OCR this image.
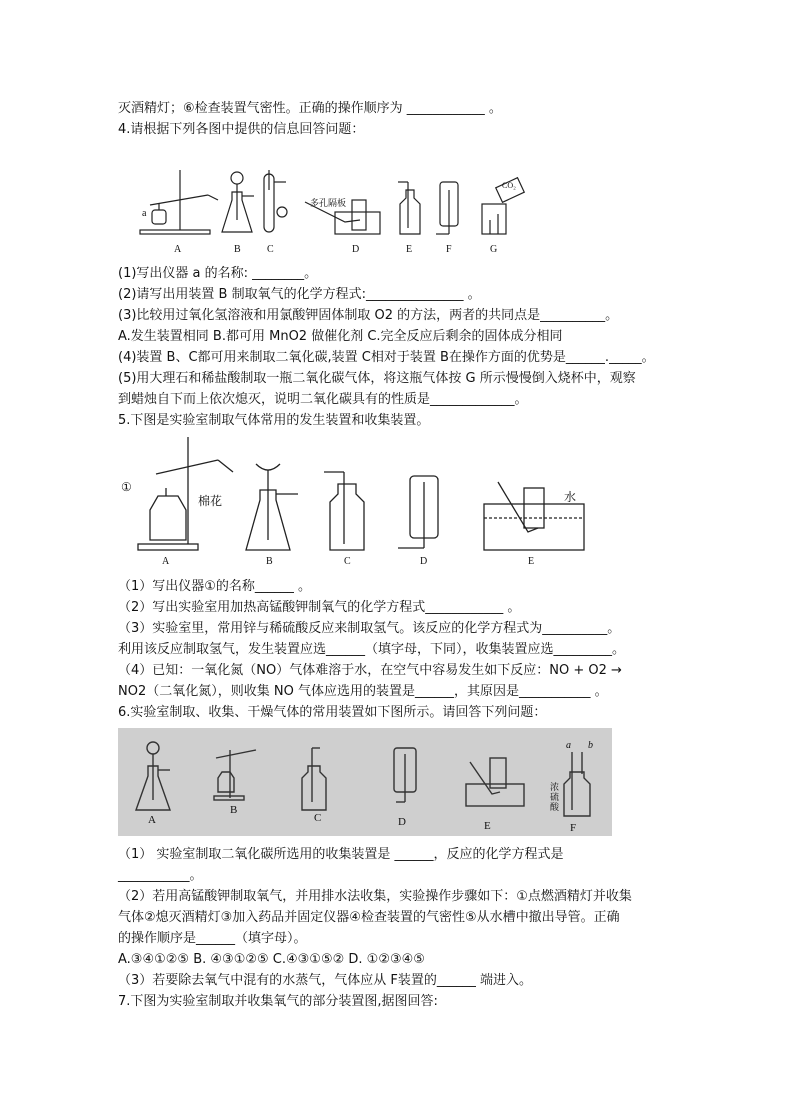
灭酒精灯；⑥检查装置气密性。正确的操作顺序为 ____________ 。
4.请根据下列各图中提供的信息回答问题：
a
多孔隔板
CO₂
A	B	C	D	E	F	G
(1)写出仪器 a 的名称: ________。
(2)请写出用装置 B 制取氧气的化学方程式:_______________ 。
(3)比较用过氧化氢溶液和用氯酸钾固体制取 O2 的方法，两者的共同点是__________。
A.发生装置相同 B.都可用 MnO2 做催化剂 C.完全反应后剩余的固体成分相同
(4)装置 B、C都可用来制取二氧化碳,装置 C相对于装置 B在操作方面的优势是______._____。
(5)用大理石和稀盐酸制取一瓶二氧化碳气体，将这瓶气体按 G 所示慢慢倒入烧杯中，观察
到蜡烛自下而上依次熄灭，说明二氧化碳具有的性质是_____________。
5.下图是实验室制取气体常用的发生装置和收集装置。
①
棉花	水
A	B	C	D	E
（1）写出仪器①的名称______ 。
（2）写出实验室用加热高锰酸钾制氧气的化学方程式____________ 。
（3）实验室里，常用锌与稀硫酸反应来制取氢气。该反应的化学方程式为__________。
利用该反应制取氢气，发生装置应选______（填字母，下同），收集装置应选_________。
（4）已知：一氧化氮（NO）气体难溶于水，在空气中容易发生如下反应：NO + O2 →
NO2（二氧化氮），则收集 NO 气体应选用的装置是______，其原因是___________ 。
6.实验室制取、收集、干燥气体的常用装置如下图所示。请回答下列问题：
a b
浓
硫
酸
A
B
C	D	E	F
（1） 实验室制取二氧化碳所选用的收集装置是 ______，反应的化学方程式是
___________。
（2）若用高锰酸钾制取氧气，并用排水法收集，实验操作步骤如下：①点燃酒精灯并收集
气体②熄灭酒精灯③加入药品并固定仪器④检查装置的气密性⑤从水槽中撤出导管。正确
的操作顺序是______（填字母）。
A.③④①②⑤ B. ④③①②⑤ C.④③①⑤② D. ①②③④⑤
（3）若要除去氧气中混有的水蒸气，气体应从 F装置的______ 端进入。
7.下图为实验室制取并收集氧气的部分装置图,据图回答:
